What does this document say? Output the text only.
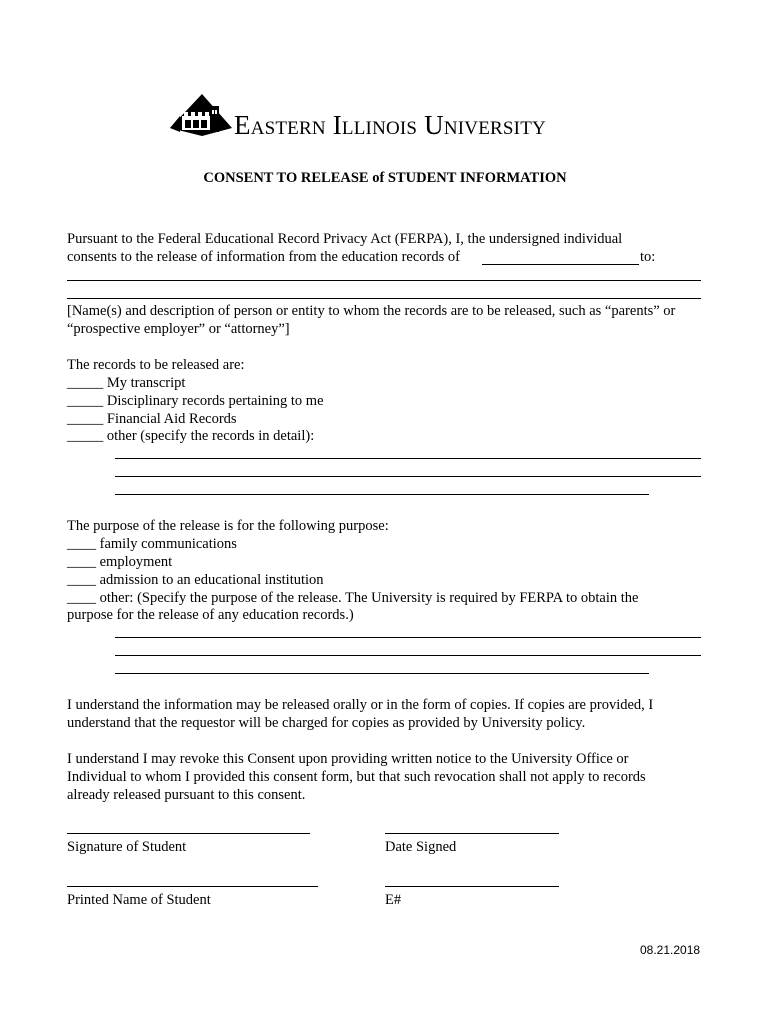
Eastern Illinois University
CONSENT TO RELEASE of STUDENT INFORMATION
Pursuant to the Federal Educational Record Privacy Act (FERPA), I, the undersigned individual
consents to the release of information from the education records of	to:
[Name(s) and description of person or entity to whom the records are to be released, such as “parents” or
“prospective employer” or “attorney”]
The records to be released are:
_____ My transcript
_____ Disciplinary records pertaining to me
_____ Financial Aid Records
_____ other (specify the records in detail):
The purpose of the release is for the following purpose:
____ family communications
____ employment
____ admission to an educational institution
____ other: (Specify the purpose of the release. The University is required by FERPA to obtain the
purpose for the release of any education records.)
I understand the information may be released orally or in the form of copies. If copies are provided, I
understand that the requestor will be charged for copies as provided by University policy.
I understand I may revoke this Consent upon providing written notice to the University Office or
Individual to whom I provided this consent form, but that such revocation shall not apply to records
already released pursuant to this consent.
Signature of Student	Date Signed
Printed Name of Student	E#
08.21.2018
